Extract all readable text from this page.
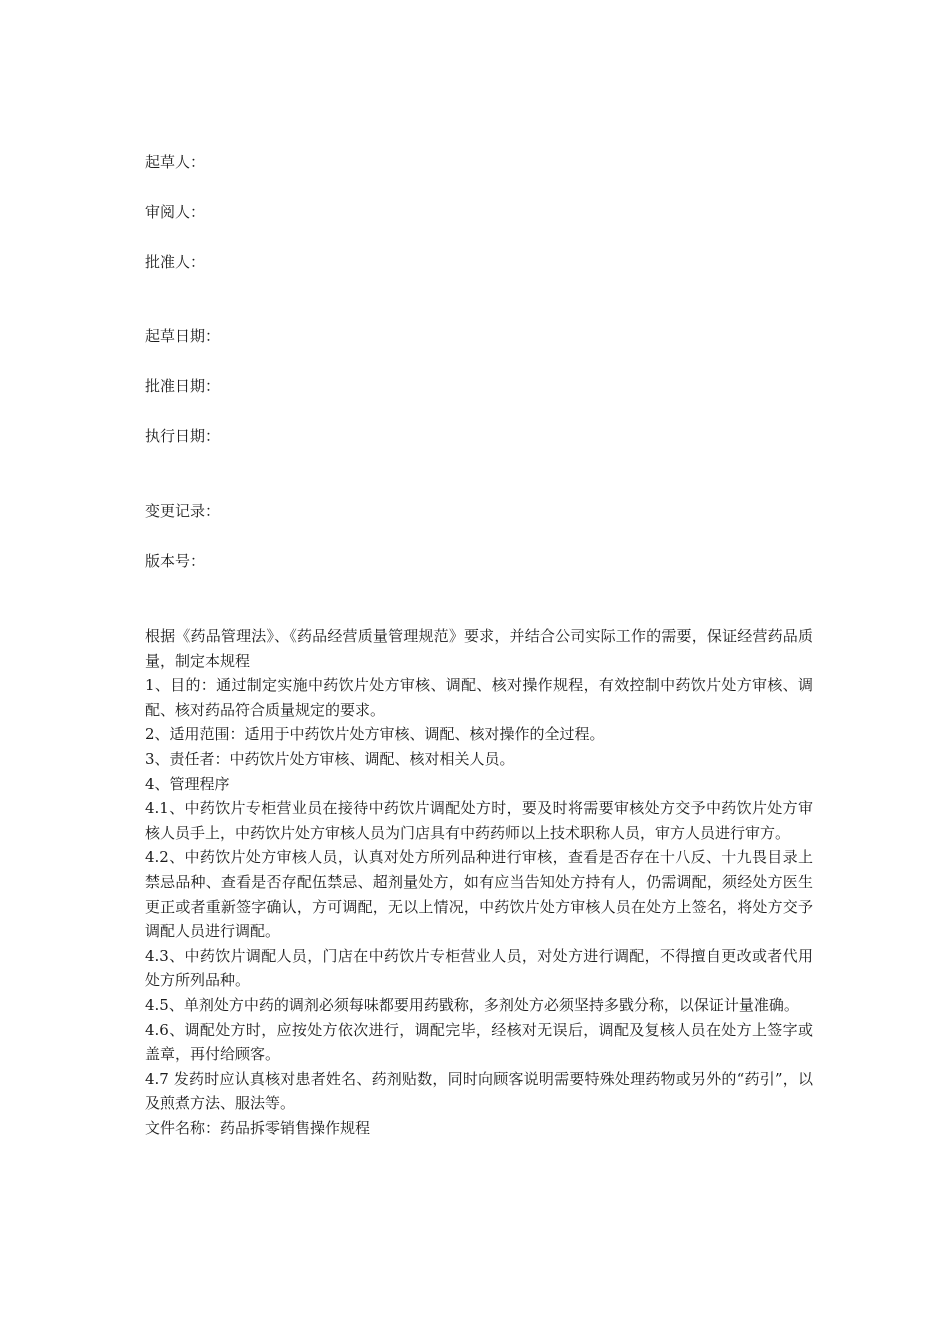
起草人：

审阅人：

批准人：

起草日期：

批准日期：

执行日期：

变更记录：

版本号：

根据《药品管理法》、《药品经营质量管理规范》要求，并结合公司实际工作的需要，保证经营药品质量，制定本规程

1、目的：通过制定实施中药饮片处方审核、调配、核对操作规程，有效控制中药饮片处方审核、调配、核对药品符合质量规定的要求。

2、适用范围：适用于中药饮片处方审核、调配、核对操作的全过程。

3、责任者：中药饮片处方审核、调配、核对相关人员。

4、管理程序

4.1、中药饮片专柜营业员在接待中药饮片调配处方时，要及时将需要审核处方交予中药饮片处方审核人员手上，中药饮片处方审核人员为门店具有中药药师以上技术职称人员，审方人员进行审方。

4.2、中药饮片处方审核人员，认真对处方所列品种进行审核，查看是否存在十八反、十九畏目录上禁忌品种、查看是否存配伍禁忌、超剂量处方，如有应当告知处方持有人，仍需调配，须经处方医生更正或者重新签字确认，方可调配，无以上情况，中药饮片处方审核人员在处方上签名，将处方交予调配人员进行调配。

4.3、中药饮片调配人员，门店在中药饮片专柜营业人员，对处方进行调配，不得擅自更改或者代用处方所列品种。

4.5、单剂处方中药的调剂必须每味都要用药戥称，多剂处方必须坚持多戥分称，以保证计量准确。

4.6、调配处方时，应按处方依次进行，调配完毕，经核对无误后，调配及复核人员在处方上签字或盖章，再付给顾客。

4.7 发药时应认真核对患者姓名、药剂贴数，同时向顾客说明需要特殊处理药物或另外的“药引”，以及煎煮方法、服法等。

文件名称：药品拆零销售操作规程
